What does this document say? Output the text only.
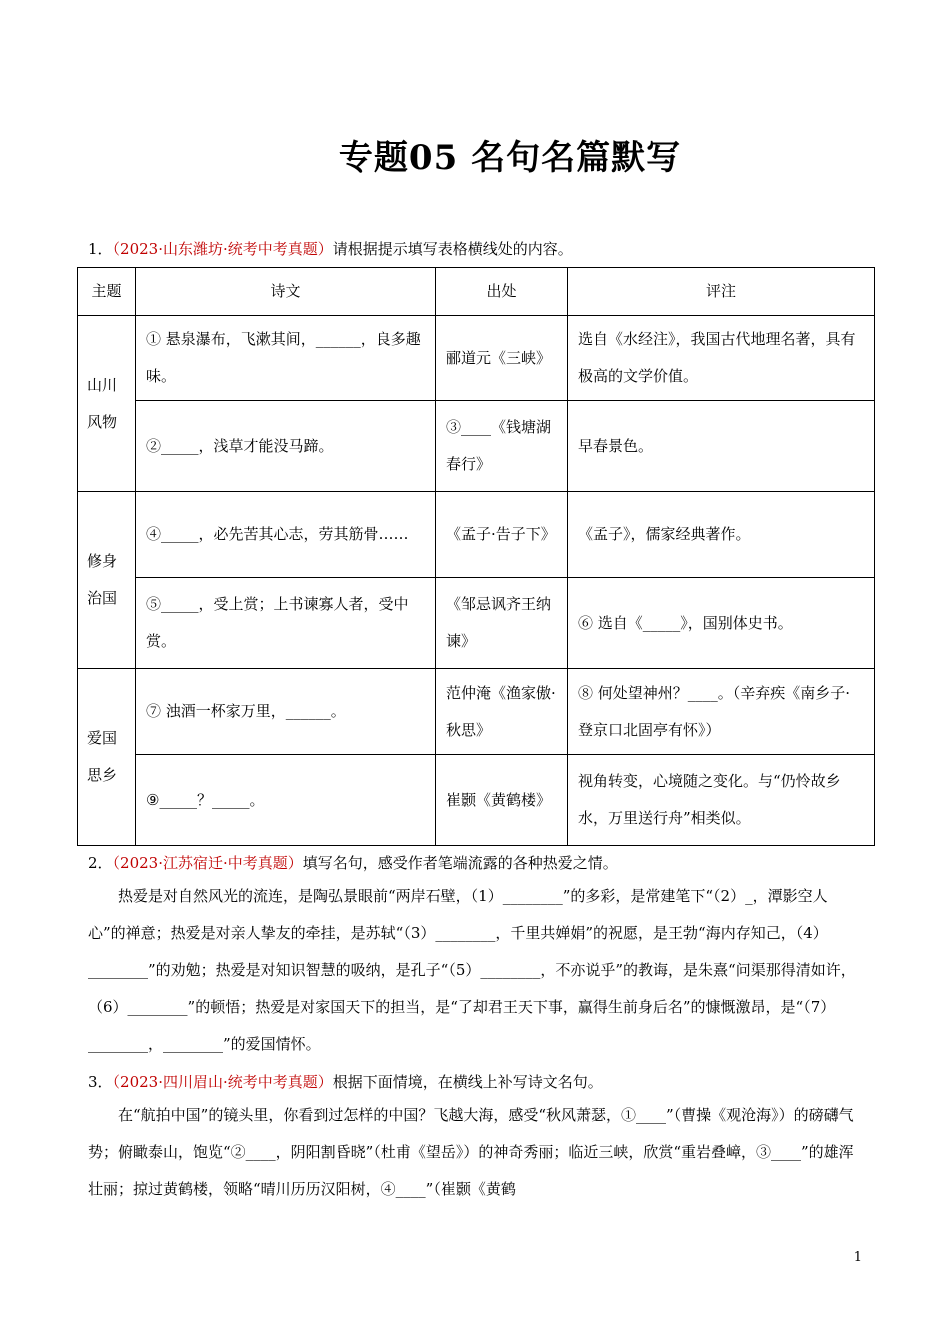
专题05 名句名篇默写
1．（2023·山东潍坊·统考中考真题）请根据提示填写表格横线处的内容。
主题	诗文	出处	评注
山川风物	① 悬泉瀑布，飞漱其间，______，良多趣味。	郦道元《三峡》	选自《水经注》，我国古代地理名著，具有极高的文学价值。
	②_____，浅草才能没马蹄。	③____《钱塘湖春行》	早春景色。
修身治国	④_____，必先苦其心志，劳其筋骨……	《孟子·告子下》	《孟子》，儒家经典著作。
	⑤_____，受上赏；上书谏寡人者，受中赏。	《邹忌讽齐王纳谏》	⑥ 选自《_____》，国别体史书。
爱国思乡	⑦ 浊酒一杯家万里，______。	范仲淹《渔家傲·秋思》	⑧ 何处望神州？____。（辛弃疾《南乡子·登京口北固亭有怀》）
	⑨_____？_____。	崔颢《黄鹤楼》	视角转变，心境随之变化。与“仍怜故乡水，万里送行舟”相类似。
2．（2023·江苏宿迁·中考真题）填写名句，感受作者笔端流露的各种热爱之情。
热爱是对自然风光的流连，是陶弘景眼前“两岸石壁，（1）________”的多彩，是常建笔下“（2）_，潭影空人心”的禅意；热爱是对亲人挚友的牵挂，是苏轼“（3）________，千里共婵娟”的祝愿，是王勃“海内存知己，（4）________”的劝勉；热爱是对知识智慧的吸纳，是孔子“（5）________，不亦说乎”的教诲，是朱熹“问渠那得清如许，（6）________”的顿悟；热爱是对家国天下的担当，是“了却君王天下事，赢得生前身后名”的慷慨激昂，是“（7）________，________”的爱国情怀。
3．（2023·四川眉山·统考中考真题）根据下面情境，在横线上补写诗文名句。
在“航拍中国”的镜头里，你看到过怎样的中国？飞越大海，感受“秋风萧瑟，①____”（曹操《观沧海》）的磅礴气势；俯瞰泰山，饱览“②____，阴阳割昏晓”（杜甫《望岳》）的神奇秀丽；临近三峡，欣赏“重岩叠嶂，③____”的雄浑壮丽；掠过黄鹤楼，领略“晴川历历汉阳树，④____”（崔颢《黄鹤
1
